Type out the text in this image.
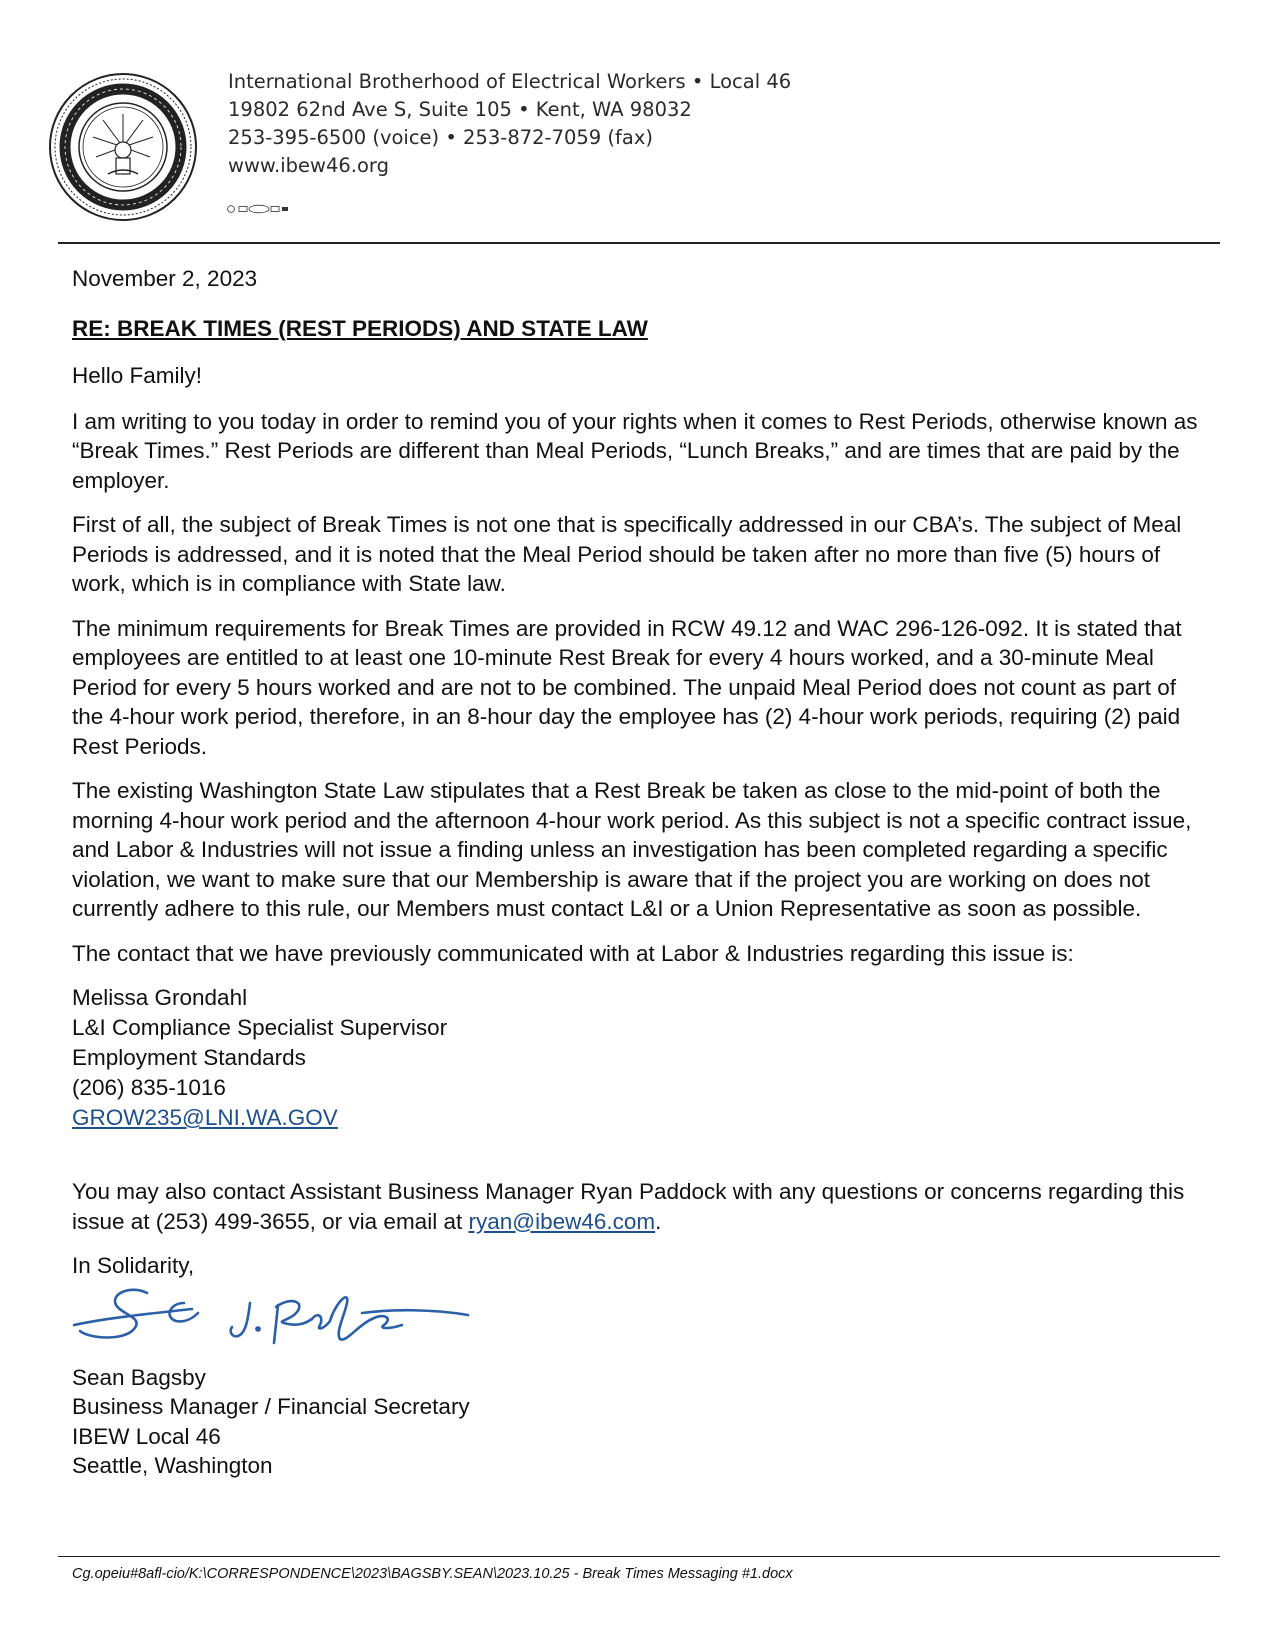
International Brotherhood of Electrical Workers • Local 46
19802 62nd Ave S, Suite 105 • Kent, WA 98032
253-395-6500 (voice) • 253-872-7059 (fax)
www.ibew46.org

November 2, 2023

RE: BREAK TIMES (REST PERIODS) AND STATE LAW

Hello Family!

I am writing to you today in order to remind you of your rights when it comes to Rest Periods, otherwise known as “Break Times.” Rest Periods are different than Meal Periods, “Lunch Breaks,” and are times that are paid by the employer.

First of all, the subject of Break Times is not one that is specifically addressed in our CBA’s. The subject of Meal Periods is addressed, and it is noted that the Meal Period should be taken after no more than five (5) hours of work, which is in compliance with State law.

The minimum requirements for Break Times are provided in RCW 49.12 and WAC 296-126-092. It is stated that employees are entitled to at least one 10-minute Rest Break for every 4 hours worked, and a 30-minute Meal Period for every 5 hours worked and are not to be combined. The unpaid Meal Period does not count as part of the 4-hour work period, therefore, in an 8-hour day the employee has (2) 4-hour work periods, requiring (2) paid Rest Periods.

The existing Washington State Law stipulates that a Rest Break be taken as close to the mid-point of both the morning 4-hour work period and the afternoon 4-hour work period. As this subject is not a specific contract issue, and Labor & Industries will not issue a finding unless an investigation has been completed regarding a specific violation, we want to make sure that our Membership is aware that if the project you are working on does not currently adhere to this rule, our Members must contact L&I or a Union Representative as soon as possible.

The contact that we have previously communicated with at Labor & Industries regarding this issue is:

Melissa Grondahl
L&I Compliance Specialist Supervisor
Employment Standards
(206) 835-1016
GROW235@LNI.WA.GOV

You may also contact Assistant Business Manager Ryan Paddock with any questions or concerns regarding this issue at (253) 499-3655, or via email at ryan@ibew46.com.

In Solidarity,

Sean Bagsby
Business Manager / Financial Secretary
IBEW Local 46
Seattle, Washington
Cg.opeiu#8afl-cio/K:\CORRESPONDENCE\2023\BAGSBY.SEAN\2023.10.25 - Break Times Messaging #1.docx
